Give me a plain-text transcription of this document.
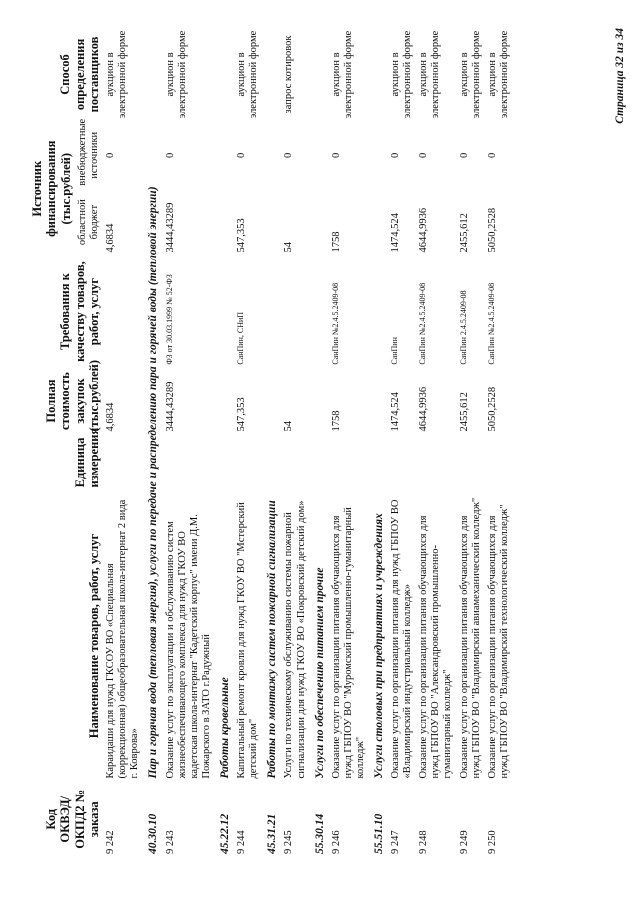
Код ОКВЭД/ ОКПД2 № заказа	Наименование товаров, работ, услуг	Единица измерения	Полная стоимость закупок (тыс.рублей)	Требования к качеству товаров, работ, услуг	Источник финансирования (тыс.рублей)		Способ определения поставщиков
					областной бюджет	внебюджетные источники	
9 242	Караидаши для нужд ГКСОУ ВО «Специальная (коррекционная) общеобразовательная школа-интернат 2 вида г. Коврова»		4,6834		4,6834	0	аукцион в электронной форме
40.30.10	Пар и горячая вода (тепловая энергия), услуги по передаче и распределению пара и горячей воды (тепловой энергии)						
9 243	Оказание услуг по эксплуатации и обслуживанию систем жизнеобеспечивающего комплекса для нужд ГКОУ ВО кадетская школа-интернат "Кадетский корпус" имени Д.М. Пожарского в ЗАТО г.Радужный		3444,43289	ФЗ от 30.03.1999 № 52-ФЗ	3444,43289	0	аукцион в электронной форме
45.22.12	Работы кровельные						
9 244	Капитальный ремонт кровли для нужд ГКОУ ВО "Мстерский детский дом"		547,353	СанПин, СНиП	547,353	0	аукцион в электронной форме
45.31.21	Работы по монтажу систем пожарной сигнализации						
9 245	Услуги по техническому обслуживанию системы пожарной сигнализации для нужд ГКОУ ВО «Покровский детский дом»		54		54	0	запрос котировок
55.30.14	Услуги по обеспечению питанием прочие						
9 246	Оказание услуг по организации питания обучающихся для нужд ГБПОУ ВО "Муромский промышленно-гуманитарный колледж"		1758	СанПин №2.4.5.2409-08	1758	0	аукцион в электронной форме
55.51.10	Услуги столовых при предприятиях и учреждениях						
9 247	Оказание услуг по организации питания для нужд ГБПОУ ВО «Владимирский индустриальный колледж»		1474,524	СанПин	1474,524	0	аукцион в электронной форме
9 248	Оказание услуг по организации питания обучающихся для нужд ГБПОУ ВО "Александровский промышленно-гуманитарный колледж"		4644,9936	СанПин №2.4.5.2409-08	4644,9936	0	аукцион в электронной форме
9 249	Оказание услуг по организации питания обучающихся для нужд ГБПОУ ВО "Владимирский авиамеханический колледж"		2455,612	СанПин 2.4.5.2409-08	2455,612	0	аукцион в электронной форме
9 250	Оказание услуг по организации питания обучающихся для нужд ГБПОУ ВО "Владимирский технологический колледж"		5050,2528	СанПин №2.4.5.2409-08	5050,2528	0	аукцион в электронной форме	Страница 32 из 34
